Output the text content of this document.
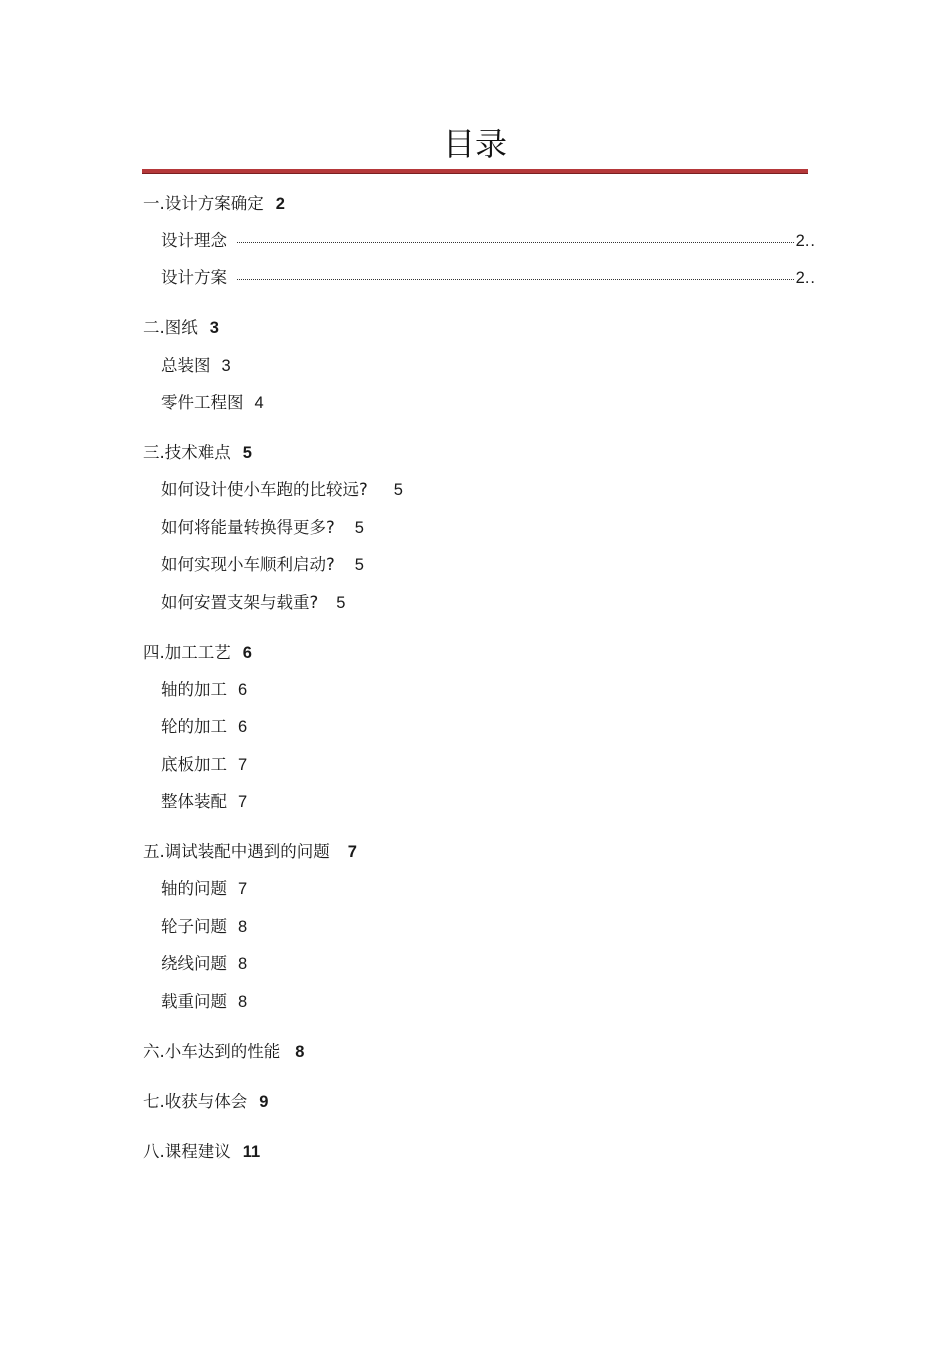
目录
一.设计方案确定 2
设计理念	2 ..
设计方案	2 ..
二.图纸 3
总装图 3
零件工程图 4
三.技术难点 5
如何设计使小车跑的比较远? 5
如何将能量转换得更多? 5
如何实现小车顺利启动? 5
如何安置支架与载重? 5
四.加工工艺 6
轴的加工 6
轮的加工 6
底板加工 7
整体装配 7
五.调试装配中遇到的问题 7
轴的问题 7
轮子问题 8
绕线问题 8
载重问题 8
六.小车达到的性能 8
七.收获与体会 9
八.课程建议 11
